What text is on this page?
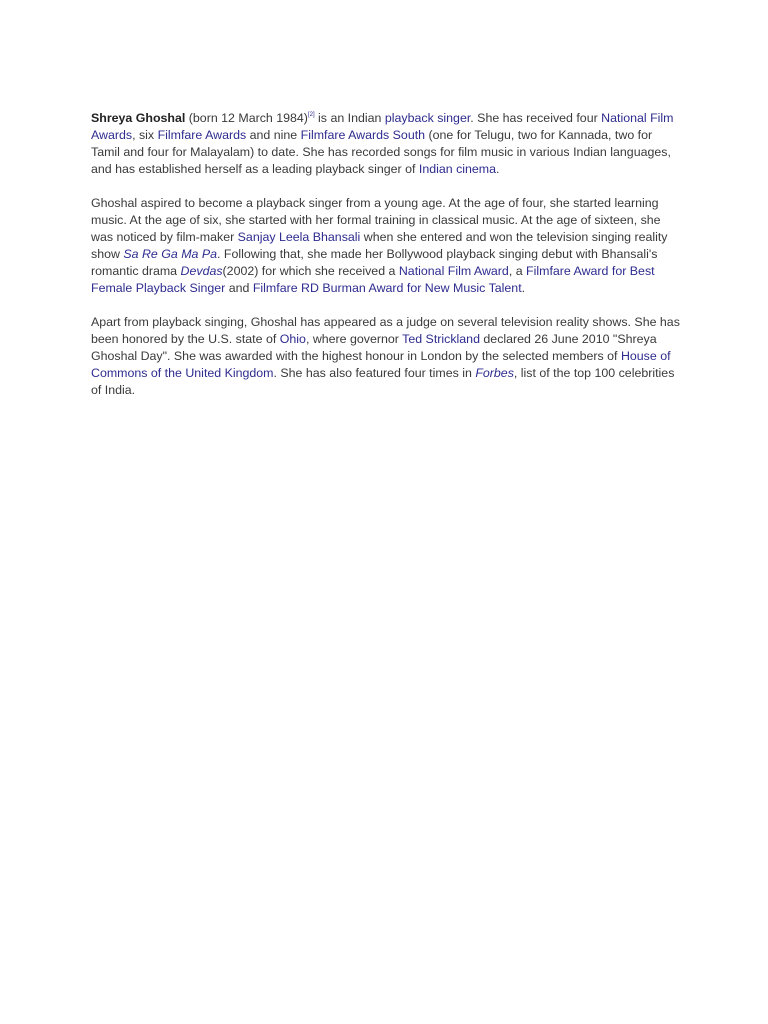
Shreya Ghoshal (born 12 March 1984)[2] is an Indian playback singer. She has received four National Film Awards, six Filmfare Awards and nine Filmfare Awards South (one for Telugu, two for Kannada, two for Tamil and four for Malayalam) to date. She has recorded songs for film music in various Indian languages, and has established herself as a leading playback singer of Indian cinema.

Ghoshal aspired to become a playback singer from a young age. At the age of four, she started learning music. At the age of six, she started with her formal training in classical music. At the age of sixteen, she was noticed by film-maker Sanjay Leela Bhansali when she entered and won the television singing reality show Sa Re Ga Ma Pa. Following that, she made her Bollywood playback singing debut with Bhansali's romantic drama Devdas(2002) for which she received a National Film Award, a Filmfare Award for Best Female Playback Singer and Filmfare RD Burman Award for New Music Talent.

Apart from playback singing, Ghoshal has appeared as a judge on several television reality shows. She has been honored by the U.S. state of Ohio, where governor Ted Strickland declared 26 June 2010 "Shreya Ghoshal Day". She was awarded with the highest honour in London by the selected members of House of Commons of the United Kingdom. She has also featured four times in Forbes, list of the top 100 celebrities of India.
